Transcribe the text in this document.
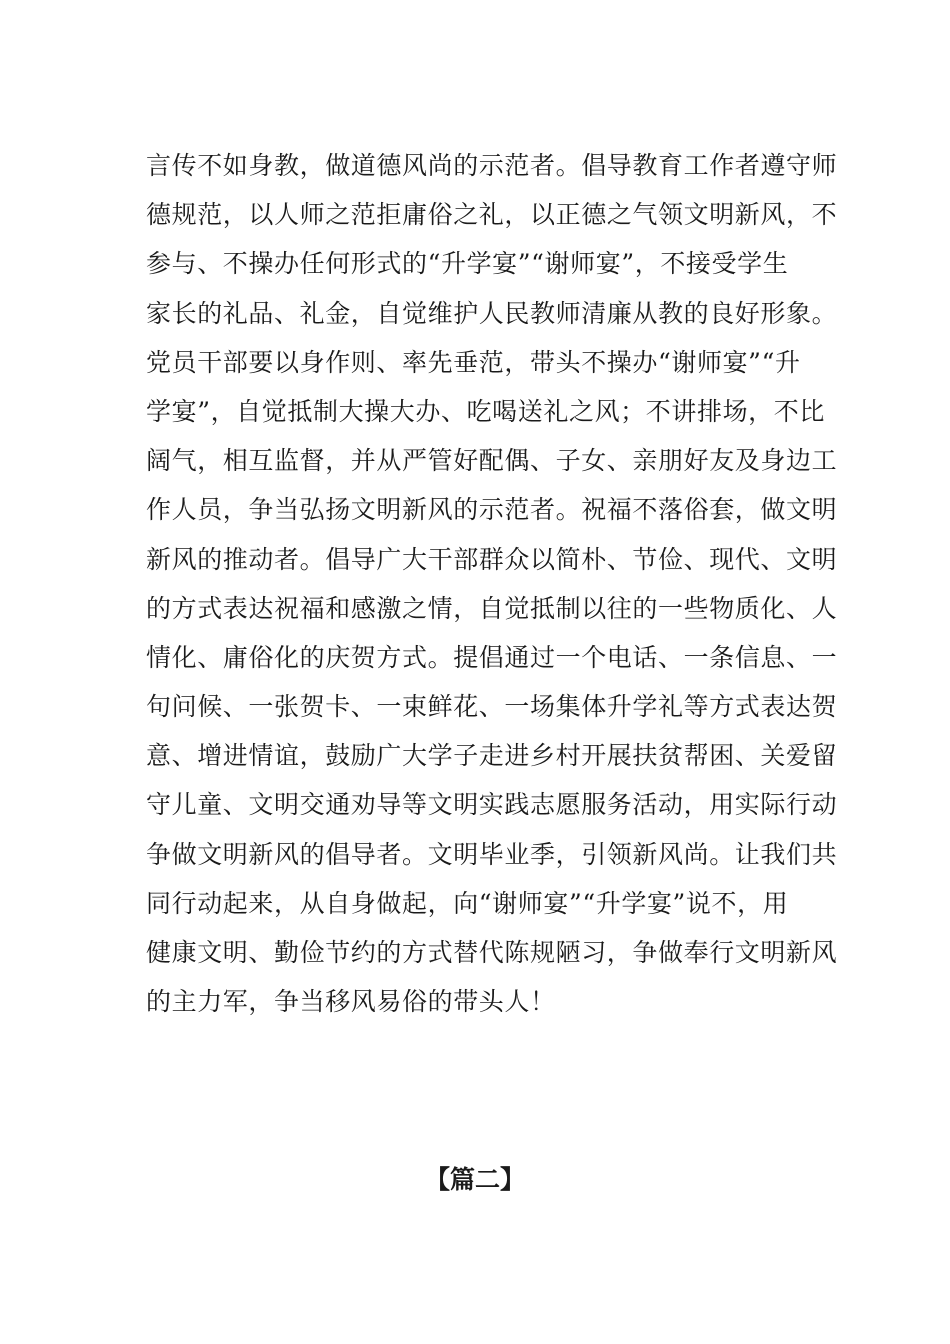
言传不如身教，做道德风尚的示范者。倡导教育工作者遵守师
德规范，以人师之范拒庸俗之礼，以正德之气领文明新风，不
参与、不操办任何形式的“升学宴”“谢师宴”，不接受学生
家长的礼品、礼金，自觉维护人民教师清廉从教的良好形象。
党员干部要以身作则、率先垂范，带头不操办“谢师宴”“升
学宴”，自觉抵制大操大办、吃喝送礼之风；不讲排场，不比
阔气，相互监督，并从严管好配偶、子女、亲朋好友及身边工
作人员，争当弘扬文明新风的示范者。祝福不落俗套，做文明
新风的推动者。倡导广大干部群众以简朴、节俭、现代、文明
的方式表达祝福和感激之情，自觉抵制以往的一些物质化、人
情化、庸俗化的庆贺方式。提倡通过一个电话、一条信息、一
句问候、一张贺卡、一束鲜花、一场集体升学礼等方式表达贺
意、增进情谊，鼓励广大学子走进乡村开展扶贫帮困、关爱留
守儿童、文明交通劝导等文明实践志愿服务活动，用实际行动
争做文明新风的倡导者。文明毕业季，引领新风尚。让我们共
同行动起来，从自身做起，向“谢师宴”“升学宴”说不，用
健康文明、勤俭节约的方式替代陈规陋习，争做奉行文明新风
的主力军，争当移风易俗的带头人！
【篇二】
